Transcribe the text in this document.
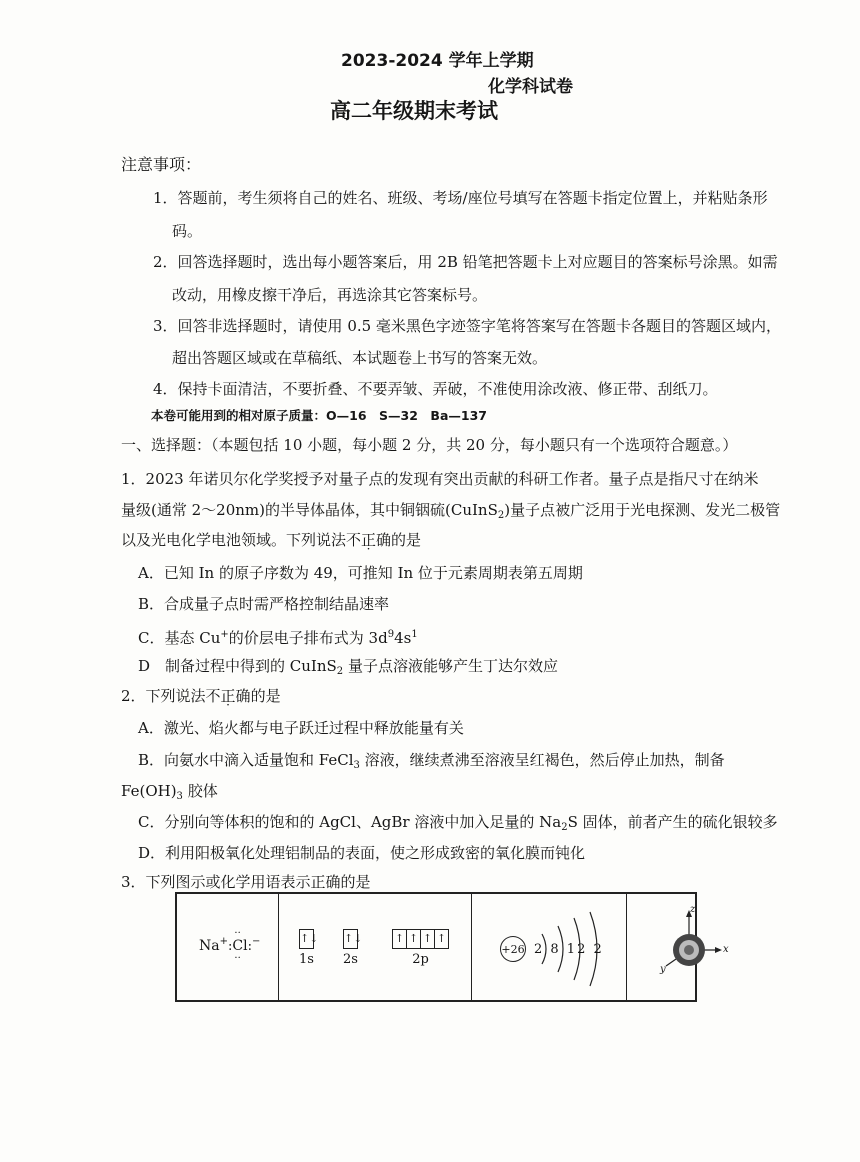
2023-2024 学年上学期
化学科试卷
高二年级期末考试
注意事项：
1．答题前，考生须将自己的姓名、班级、考场/座位号填写在答题卡指定位置上，并粘贴条形
码。
2．回答选择题时，选出每小题答案后，用 2B 铅笔把答题卡上对应题目的答案标号涂黑。如需
改动，用橡皮擦干净后，再选涂其它答案标号。
3．回答非选择题时，请使用 0.5 毫米黑色字迹签字笔将答案写在答题卡各题目的答题区域内，
超出答题区域或在草稿纸、本试题卷上书写的答案无效。
4．保持卡面清洁，不要折叠、不要弄皱、弄破，不准使用涂改液、修正带、刮纸刀。
本卷可能用到的相对原子质量：O—16　S—32　Ba—137
一、选择题：（本题包括 10 小题，每小题 2 分，共 20 分，每小题只有一个选项符合题意。）
1．2023 年诺贝尔化学奖授予对量子点的发现有突出贡献的科研工作者。量子点是指尺寸在纳米
量级(通常 2～20nm)的半导体晶体，其中铜铟硫(CuInS$_2$)量子点被广泛用于光电探测、发光二极管
以及光电化学电池领域。下列说法不正确的是
A．已知 In 的原子序数为 49，可推知 In 位于元素周期表第五周期
B．合成量子点时需严格控制结晶速率
C．基态 Cu+的价层电子排布式为 $3d^94s^1$
D　制备过程中得到的 CuInS$_2$ 量子点溶液能够产生丁达尔效应
2．下列说法不正确的是
A．激光、焰火都与电子跃迁过程中释放能量有关
B．向氨水中滴入适量饱和 FeCl$_3$ 溶液，继续煮沸至溶液呈红褐色，然后停止加热，制备
$Fe(OH)_3$ 胶体
C．分别向等体积的饱和的 AgCl、AgBr 溶液中加入足量的 $Na_2S$ 固体，前者产生的硫化银较多
D．利用阳极氧化处理铝制品的表面，使之形成致密的氧化膜而钝化
3．下列图示或化学用语表示正确的是
Na+:
··
Cl
··
:−	↑↓
1s
↑↓
2s
↑ ↑ ↑ ↑
2p
+26 2 8 12 2
z
x
y
